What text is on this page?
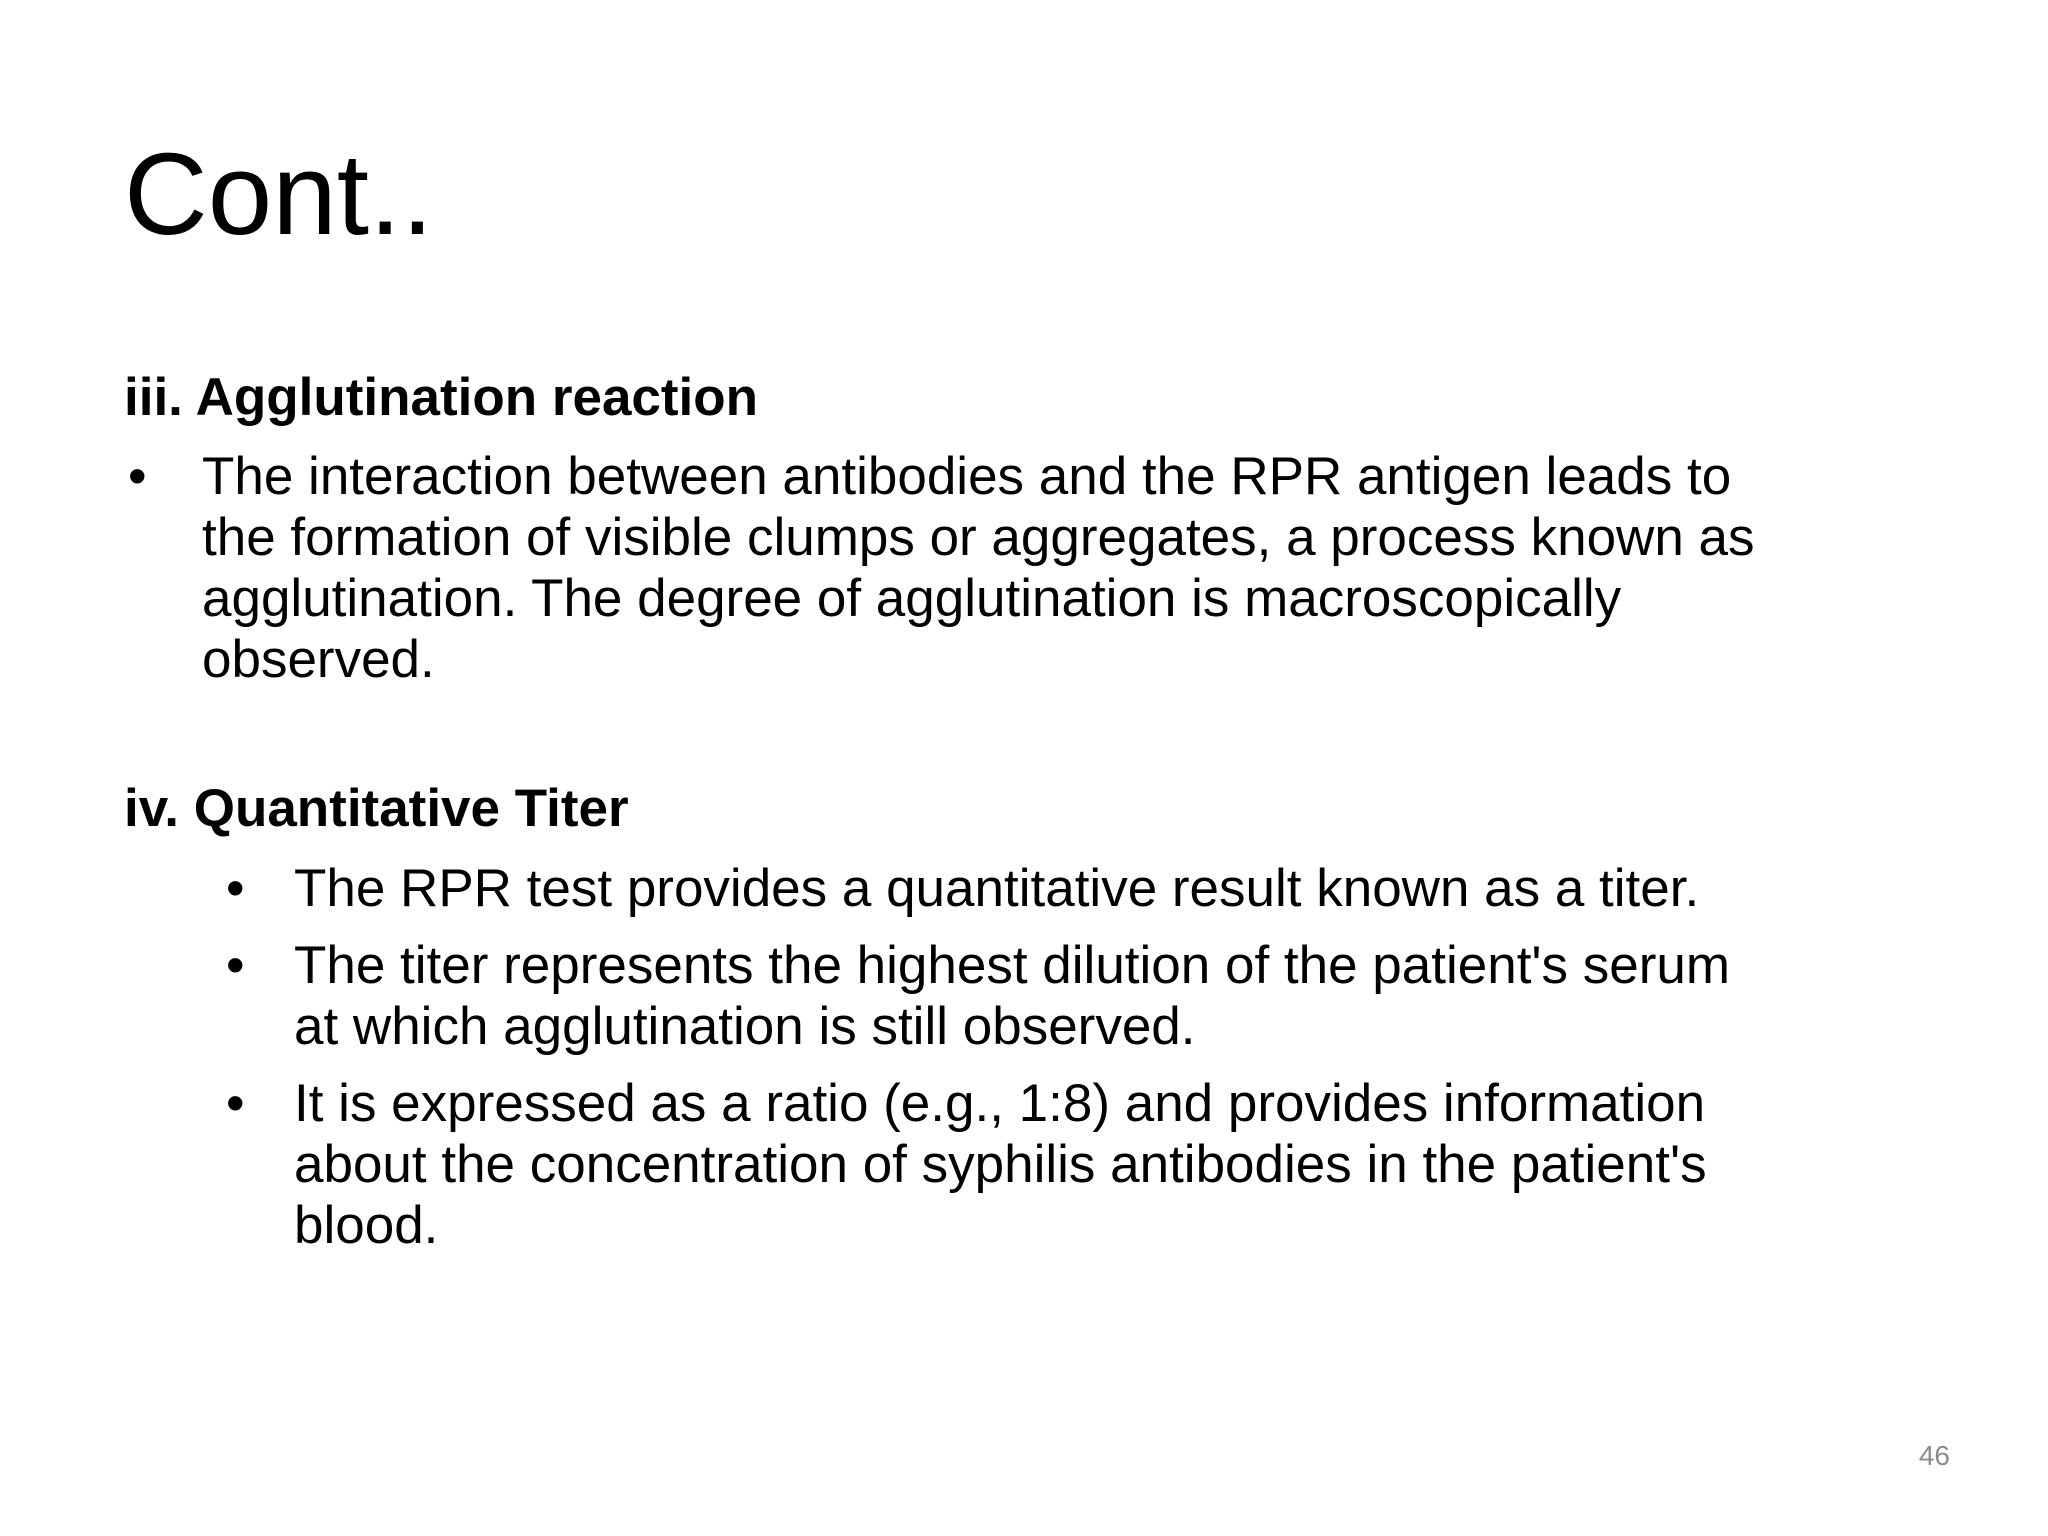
Cont..
iii. Agglutination reaction
• The interaction between antibodies and the RPR antigen leads to
the formation of visible clumps or aggregates, a process known as
agglutination. The degree of agglutination is macroscopically
observed.
iv. Quantitative Titer
• The RPR test provides a quantitative result known as a titer.
• The titer represents the highest dilution of the patient's serum
at which agglutination is still observed.
• It is expressed as a ratio (e.g., 1:8) and provides information
about the concentration of syphilis antibodies in the patient's
blood.
46
